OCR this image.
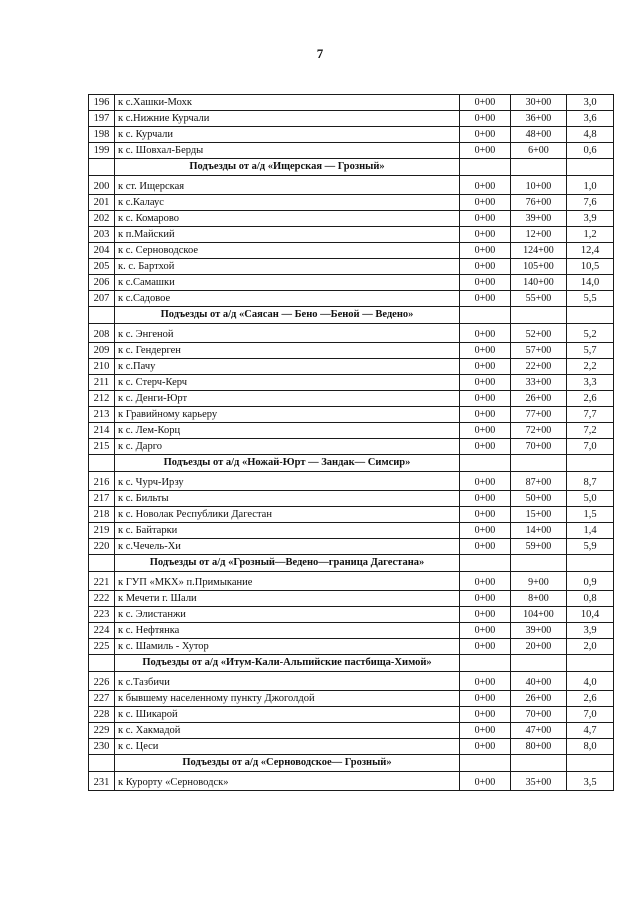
7
196	к с.Хашки-Мохк	0+00	30+00	3,0
197	к с.Нижние Курчали	0+00	36+00	3,6
198	к с. Курчали	0+00	48+00	4,8
199	к с. Шовхал-Берды	0+00	6+00	0,6
	Подъезды от а/д «Ищерская — Грозный»			
200	к ст. Ищерская	0+00	10+00	1,0
201	к с.Калаус	0+00	76+00	7,6
202	к с. Комарово	0+00	39+00	3,9
203	к п.Майский	0+00	12+00	1,2
204	к с. Серноводское	0+00	124+00	12,4
205	к. с. Бартхой	0+00	105+00	10,5
206	к с.Самашки	0+00	140+00	14,0
207	к с.Садовое	0+00	55+00	5,5
	Подъезды от а/д «Саясан — Бено —Беной — Ведено»			
208	к с. Энгеной	0+00	52+00	5,2
209	к с. Гендерген	0+00	57+00	5,7
210	к с.Пачу	0+00	22+00	2,2
211	к с. Стерч-Керч	0+00	33+00	3,3
212	к с. Денги-Юрт	0+00	26+00	2,6
213	к Гравийному карьеру	0+00	77+00	7,7
214	к с. Лем-Корц	0+00	72+00	7,2
215	к с. Дарго	0+00	70+00	7,0
	Подъезды от а/д «Ножай-Юрт — Зандак— Симсир»			
216	к с. Чурч-Ирзу	0+00	87+00	8,7
217	к с. Бильты	0+00	50+00	5,0
218	к с. Новолак Республики Дагестан	0+00	15+00	1,5
219	к с. Байтарки	0+00	14+00	1,4
220	к с.Чечель-Хи	0+00	59+00	5,9
	Подъезды от а/д «Грозный—Ведено—граница Дагестана»			
221	к ГУП «МКХ» п.Примыкание	0+00	9+00	0,9
222	к Мечети г. Шали	0+00	8+00	0,8
223	к с. Элистанжи	0+00	104+00	10,4
224	к с. Нефтянка	0+00	39+00	3,9
225	к с. Шамиль - Хутор	0+00	20+00	2,0
	Подъезды от а/д «Итум-Кали-Альпийские пастбища-Химой»			
226	к с.Тазбичи	0+00	40+00	4,0
227	к бывшему населенному пункту Джоголдой	0+00	26+00	2,6
228	к с. Шикарой	0+00	70+00	7,0
229	к с. Хакмадой	0+00	47+00	4,7
230	к с. Цеси	0+00	80+00	8,0
	Подъезды от а/д «Серноводское— Грозный»			
231	к Курорту «Серноводск»	0+00	35+00	3,5
